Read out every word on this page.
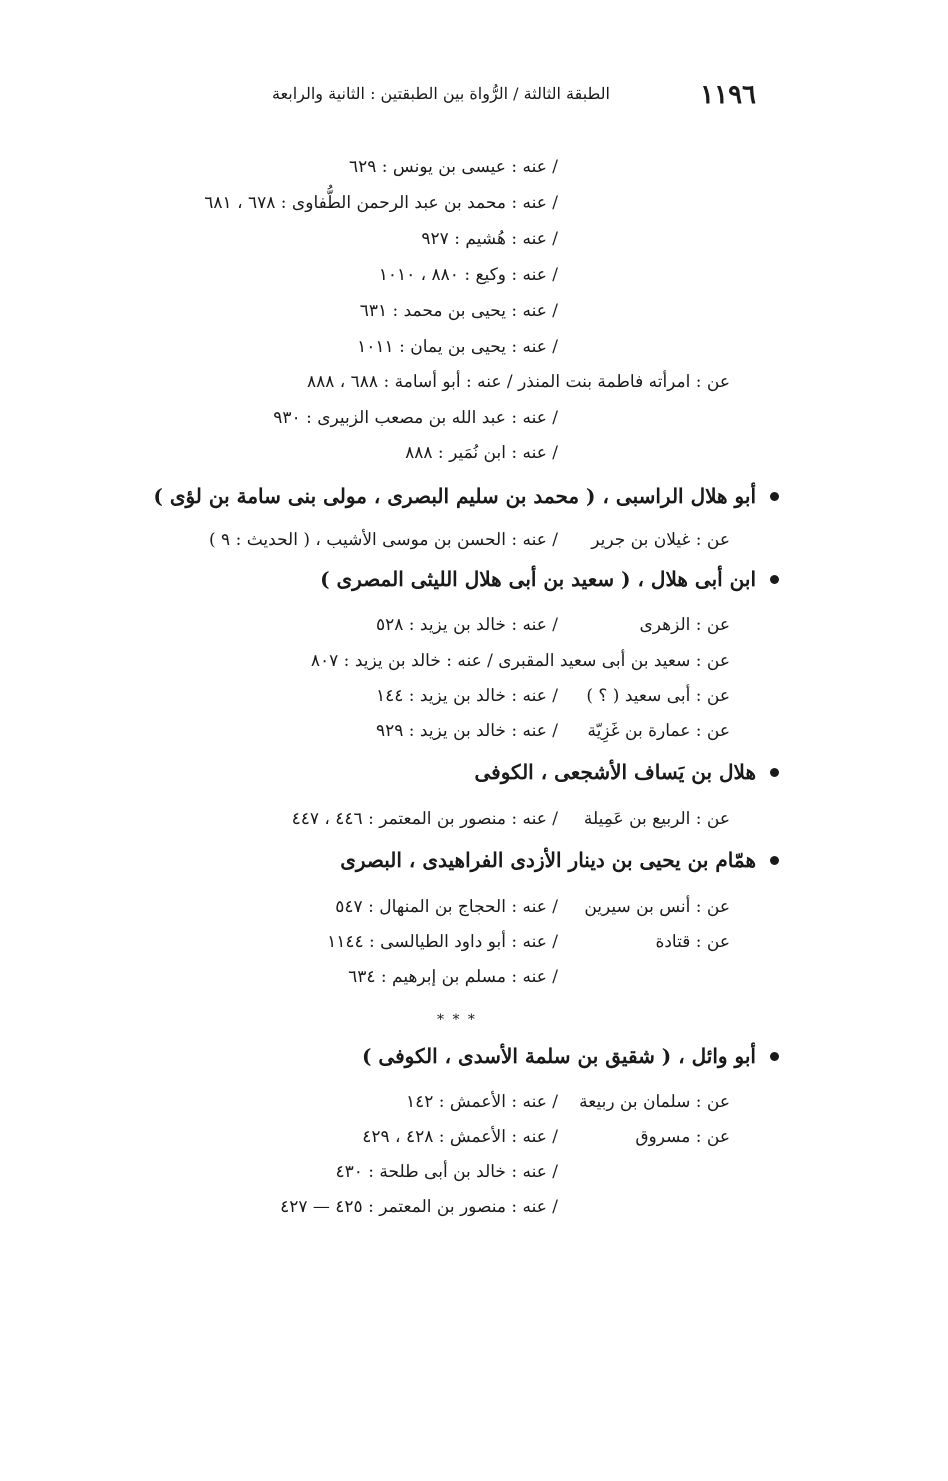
١١٩٦
الطبقة الثالثة / الرُّواة بين الطبقتين : الثانية والرابعة
/ عنه : عيسى بن يونس : ٦٢٩
/ عنه : محمد بن عبد الرحمن الطُّفاوى : ٦٧٨ ، ٦٨١
/ عنه : هُشيم : ٩٢٧
/ عنه : وكيع : ٨٨٠ ، ١٠١٠
/ عنه : يحيى بن محمد : ٦٣١
/ عنه : يحيى بن يمان : ١٠١١
عن : امرأته فاطمة بنت المنذر / عنه : أبو أسامة : ٦٨٨ ، ٨٨٨
/ عنه : عبد الله بن مصعب الزبيرى : ٩٣٠
/ عنه : ابن نُمَير : ٨٨٨
أبو هلال الراسبى ، ( محمد بن سليم البصرى ، مولى بنى سامة بن لؤى )
عن : غيلان بن جرير
/ عنه : الحسن بن موسى الأشيب ، ( الحديث : ٩ )
ابن أبى هلال ، ( سعيد بن أبى هلال الليثى المصرى )
عن : الزهرى
/ عنه : خالد بن يزيد : ٥٢٨
عن : سعيد بن أبى سعيد المقبرى / عنه : خالد بن يزيد : ٨٠٧
عن : أبى سعيد ( ؟ )
/ عنه : خالد بن يزيد : ١٤٤
عن : عمارة بن غَزِيّة
/ عنه : خالد بن يزيد : ٩٢٩
هلال بن يَساف الأشجعى ، الكوفى
عن : الربيع بن عَمِيلة
/ عنه : منصور بن المعتمر : ٤٤٦ ، ٤٤٧
همّام بن يحيى بن دينار الأزدى الفراهيدى ، البصرى
عن : أنس بن سيرين
/ عنه : الحجاج بن المنهال : ٥٤٧
عن : قتادة
/ عنه : أبو داود الطيالسى : ١١٤٤
/ عنه : مسلم بن إبرهيم : ٦٣٤
* * *
أبو وائل ، ( شقيق بن سلمة الأسدى ، الكوفى )
عن : سلمان بن ربيعة
/ عنه : الأعمش : ١٤٢
عن : مسروق
/ عنه : الأعمش : ٤٢٨ ، ٤٢٩
/ عنه : خالد بن أبى طلحة : ٤٣٠
/ عنه : منصور بن المعتمر : ٤٢٥ — ٤٢٧
